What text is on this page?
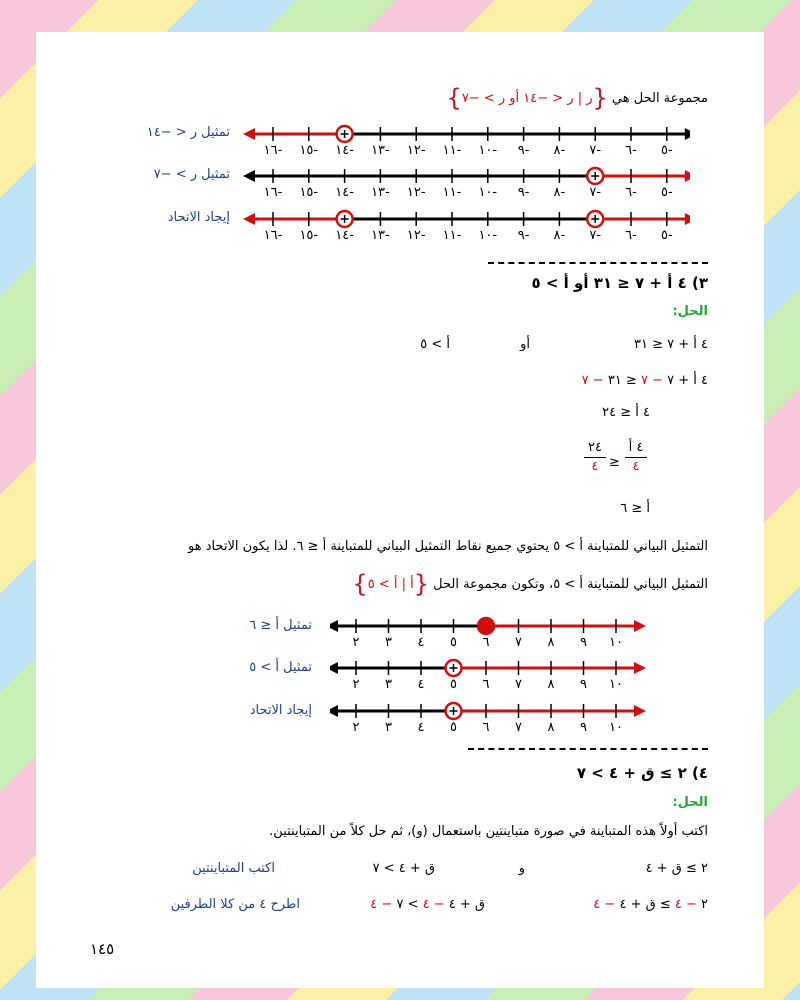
مجموعة الحل هي {ر | ر < −١٤ أو ر > −٧}
١٦- ١٥- ١٤- ١٣- ١٢- ١١- ١٠- ٩- ٨- ٧- ٦- ٥-
١٦- ١٥- ١٤- ١٣- ١٢- ١١- ١٠- ٩- ٨- ٧- ٦- ٥-
١٦- ١٥- ١٤- ١٣- ١٢- ١١- ١٠- ٩- ٨- ٧- ٦- ٥-
تمثيل ر < −١٤
تمثيل ر > −٧
إيجاد الاتحاد
٣) ٤ أ + ٧ ≤ ٣١ أو أ > ٥
الحل:
٤ أ + ٧ ≤ ٣١
أو
أ > ٥
٤ أ + ٧ − ٧ ≤ ٣١ − ٧
٤ أ ≤ ٢٤
٤ أ
٤
≤
٢٤
٤
أ ≤ ٦
التمثيل البياني للمتباينة أ > ٥ يحتوي جميع نقاط التمثيل البياني للمتباينة أ ≤ ٦. لذا يكون الاتحاد هو
التمثيل البياني للمتباينة أ > ٥، وتكون مجموعة الحل {أ | أ > ٥}
٢ ٣ ٤ ٥ ٦ ٧ ٨ ٩ ١٠
٢ ٣ ٤ ٥ ٦ ٧ ٨ ٩ ١٠
٢ ٣ ٤ ٥ ٦ ٧ ٨ ٩ ١٠
تمثيل أ ≤ ٦
تمثيل أ > ٥
إيجاد الاتحاد
٤) ٢ ≥ ق + ٤ > ٧
الحل:
اكتب أولاً هذه المتباينة في صورة متباينتين باستعمال (و)، ثم حل كلاً من المتباينتين.
٢ ≥ ق + ٤
و
ق + ٤ > ٧
اكتب المتباينتين
٢ − ٤ ≥ ق + ٤ − ٤
ق + ٤ − ٤ > ٧ − ٤
اطرح ٤ من كلا الطرفين
١٤٥
